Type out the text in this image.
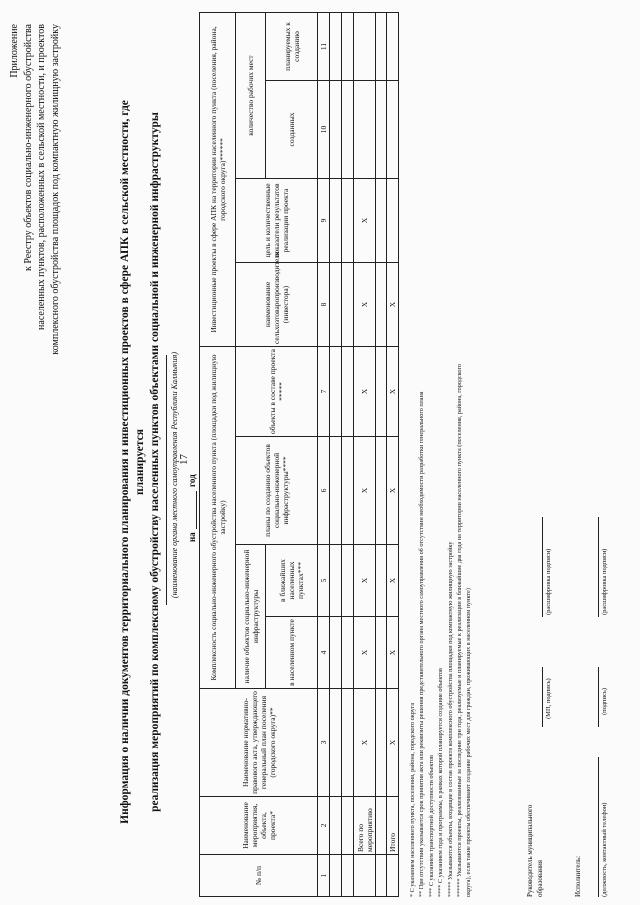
17
Приложение к Реестру объектов социально-инженерного обустройства населенных пунктов, расположенных в сельской местности, и проектов комплексного обустройства площадок под компактную жилищную застройку	Информация о наличии документов территориального планирования и инвестиционных проектов в сфере АПК в сельской местности, где планируется реализация мероприятий по комплексному обустройству населенных пунктов объектами социальной и инженерной инфраструктуры (наименование органа местного самоуправления Республики Калмыкия) на
год
№ п/п	Наименование мероприятия, объекта, проекта*	Наименование нормативно-правового акта, утверждающего генеральный план поселения (городского округа)**	Комплексность социально-инженерного обустройства населенного пункта (площадки под жилищную застройку)				Инвестиционные проекты в сфере АПК на территории населенного пункта (поселения, района, городского округа)******			
			наличие объектов социально-инженерной инфраструктуры		планы по созданию объектов социально-инженерной инфраструктуры****	объекты в составе проекта *****	наименование сельхозтоваропроизводителя (инвестора)	цель и количественные показатели результатов реализации проекта	количество рабочих мест	
			в населенном пункте	в ближайших населенных пунктах***					созданных	планируемых к созданию
1	2	3	4	5	6	7	8	9	10	11

	Всего по мероприятию	Х	Х	Х	Х	Х	Х	Х		

	Итого	Х	Х	Х	Х	Х	Х			
* С указанием населенного пункта, поселения, района, городского округа ** При отсутствии указывается срок принятия акта или реквизиты решения представительного органа местного самоуправления об отсутствии необходимости разработки генерального плана *** С указанием транспортной доступности объектов **** С указанием года и программы, в рамках которой планируется создание объектов ***** Указываются объекты, входящие в состав проекта комплексного обустройства площадки под компактную жилищную застройку ****** Указываются проекты, реализованные за последние три года, реализуемые и планируемые к реализации в ближайшие два года на территории населенного пункта (поселения, района, городского округа), если такие проекты обеспечивают создание рабочих мест для граждан, проживающих в населенном пункте)	Руководитель муниципального образования
(МП, подпись)
(расшифровка подписи)
Исполнитель:	(должность, контактный телефон)
(подпись)
(расшифровка подписи)
